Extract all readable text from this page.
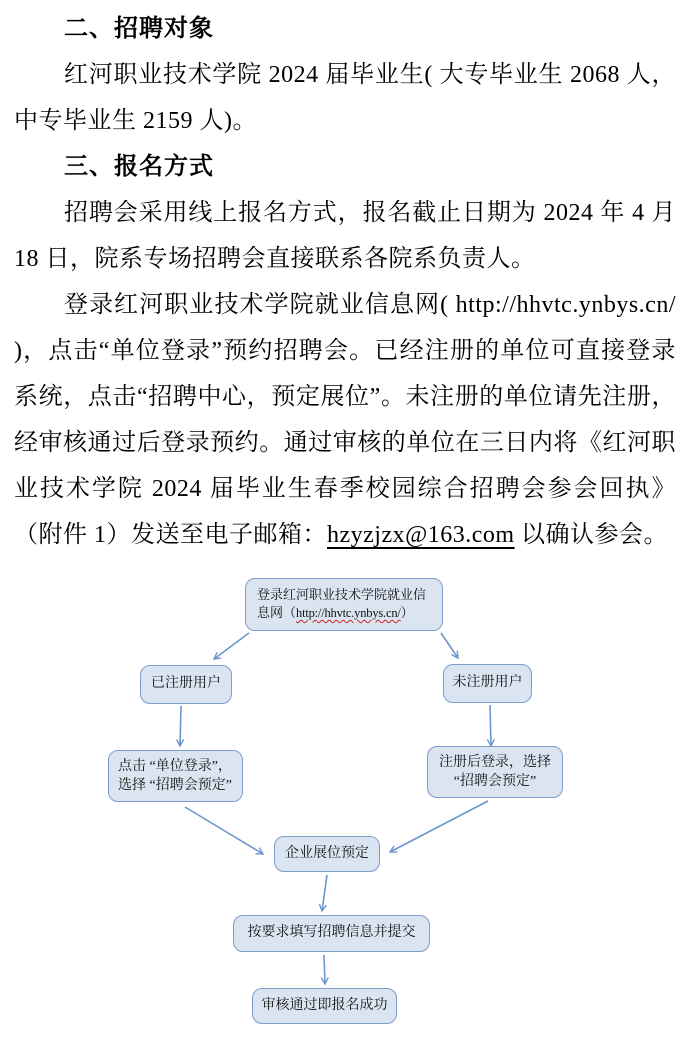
二、招聘对象

红河职业技术学院 2024 届毕业生( 大专毕业生 2068 人，中专毕业生 2159 人)。

三、报名方式

招聘会采用线上报名方式，报名截止日期为 2024 年 4 月 18 日，院系专场招聘会直接联系各院系负责人。

登录红河职业技术学院就业信息网( http://hhvtc.ynbys.cn/ )，点击“单位登录”预约招聘会。已经注册的单位可直接登录系统，点击“招聘中心，预定展位”。未注册的单位请先注册，经审核通过后登录预约。通过审核的单位在三日内将《红河职业技术学院 2024 届毕业生春季校园综合招聘会参会回执》（附件 1）发送至电子邮箱：hzyzjzx@163.com 以确认参会。

登录红河职业技术学院就业信息网（http://hhvtc.ynbys.cn/）
已注册用户	未注册用户
点击 “单位登录”，选择 “招聘会预定”
注册后登录，选择 “招聘会预定”
企业展位预定
按要求填写招聘信息并提交
审核通过即报名成功
